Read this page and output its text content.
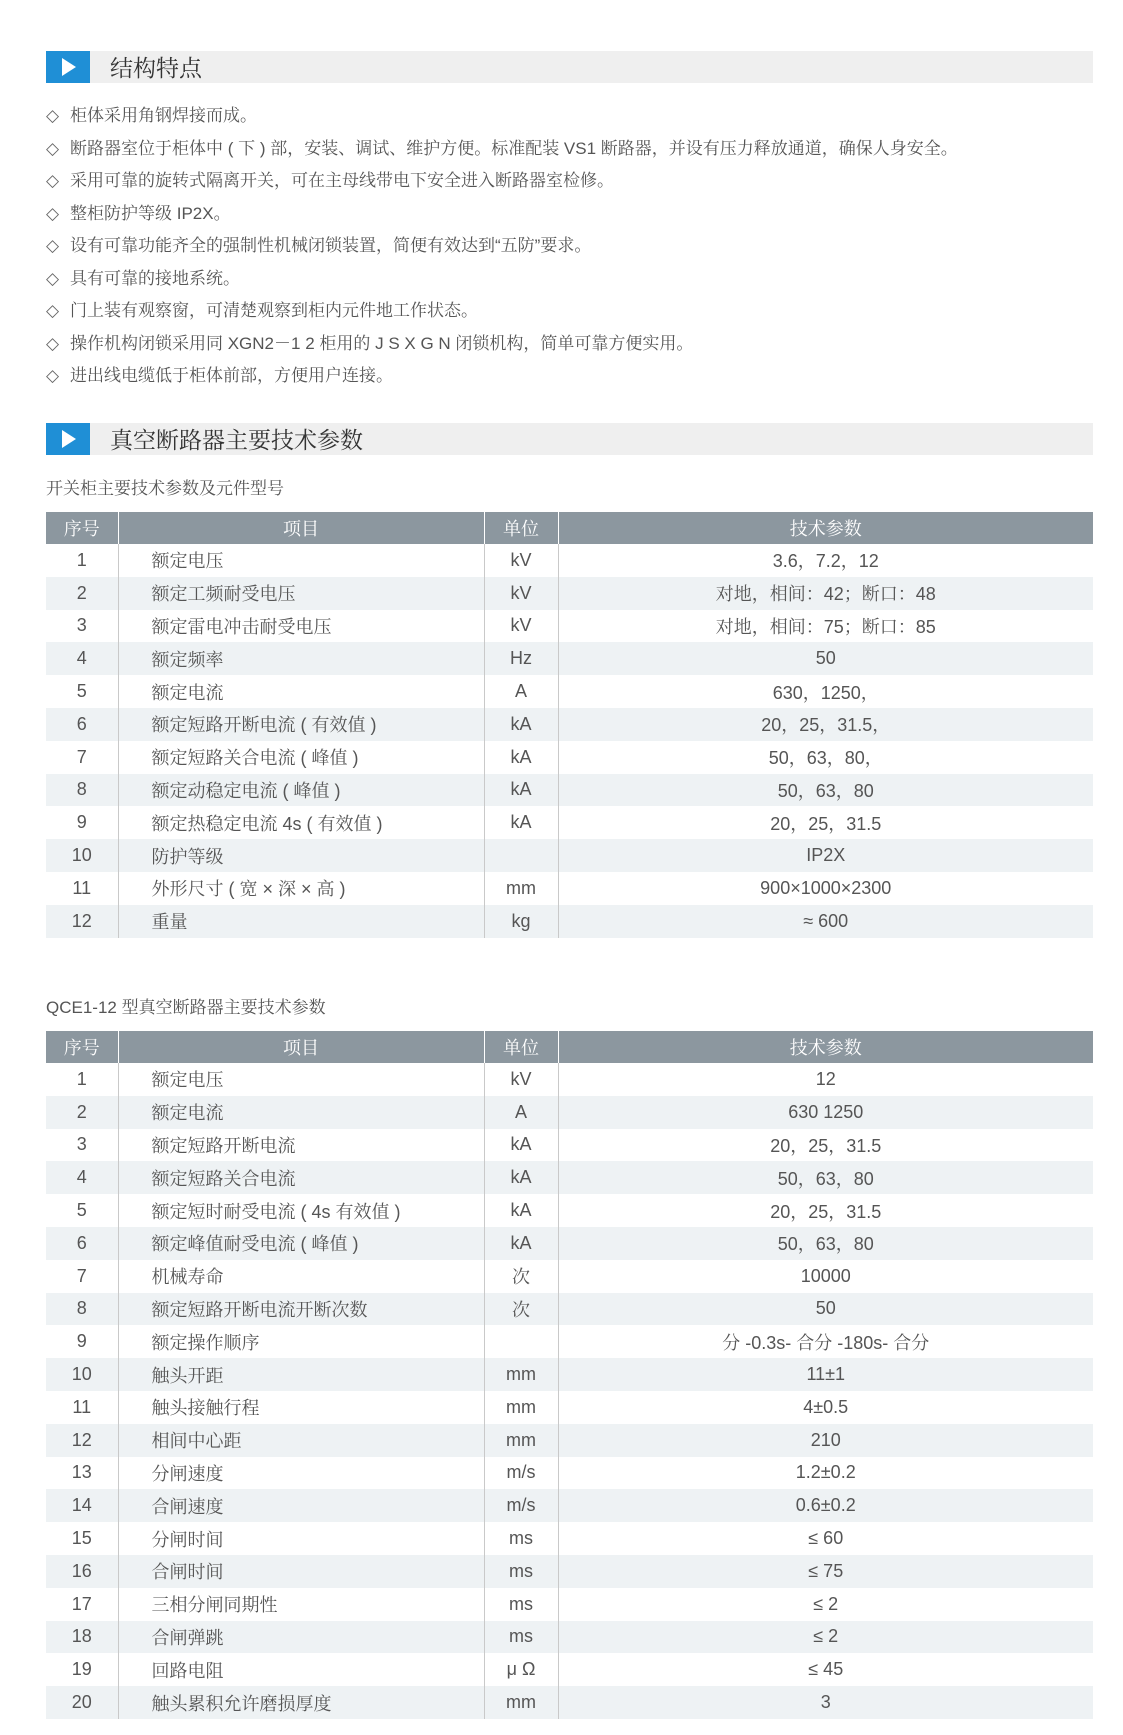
结构特点
◇ 柜体采用角钢焊接而成。
◇ 断路器室位于柜体中 ( 下 ) 部，安装、调试、维护方便。标准配装 VS1 断路器，并设有压力释放通道，确保人身安全。
◇ 采用可靠的旋转式隔离开关，可在主母线带电下安全进入断路器室检修。
◇ 整柜防护等级 IP2X。
◇ 设有可靠功能齐全的强制性机械闭锁装置，简便有效达到“五防”要求。
◇ 具有可靠的接地系统。
◇ 门上装有观察窗，可清楚观察到柜内元件地工作状态。
◇ 操作机构闭锁采用同 XGN2－1 2 柜用的 J S X G N 闭锁机构，简单可靠方便实用。
◇ 进出线电缆低于柜体前部，方便用户连接。
真空断路器主要技术参数
开关柜主要技术参数及元件型号
序号	项目	单位	技术参数
1	额定电压	kV	3.6，7.2，12
2	额定工频耐受电压	kV	对地，相间：42；断口：48
3	额定雷电冲击耐受电压	kV	对地，相间：75；断口：85
4	额定频率	Hz	50
5	额定电流	A	630，1250，
6	额定短路开断电流 ( 有效值 )	kA	20，25，31.5，
7	额定短路关合电流 ( 峰值 )	kA	50，63，80，
8	额定动稳定电流 ( 峰值 )	kA	50，63，80
9	额定热稳定电流 4s ( 有效值 )	kA	20，25，31.5
10	防护等级		IP2X
11	外形尺寸 ( 宽 × 深 × 高 )	mm	900×1000×2300
12	重量	kg	≈ 600
QCE1-12 型真空断路器主要技术参数
序号	项目	单位	技术参数
1	额定电压	kV	12
2	额定电流	A	630 1250
3	额定短路开断电流	kA	20，25，31.5
4	额定短路关合电流	kA	50，63，80
5	额定短时耐受电流 ( 4s 有效值 )	kA	20，25，31.5
6	额定峰值耐受电流 ( 峰值 )	kA	50，63，80
7	机械寿命	次	10000
8	额定短路开断电流开断次数	次	50
9	额定操作顺序		分 -0.3s- 合分 -180s- 合分
10	触头开距	mm	11±1
11	触头接触行程	mm	4±0.5
12	相间中心距	mm	210
13	分闸速度	m/s	1.2±0.2
14	合闸速度	m/s	0.6±0.2
15	分闸时间	ms	≤ 60
16	合闸时间	ms	≤ 75
17	三相分闸同期性	ms	≤ 2
18	合闸弹跳	ms	≤ 2
19	回路电阻	μ Ω	≤ 45
20	触头累积允许磨损厚度	mm	3
